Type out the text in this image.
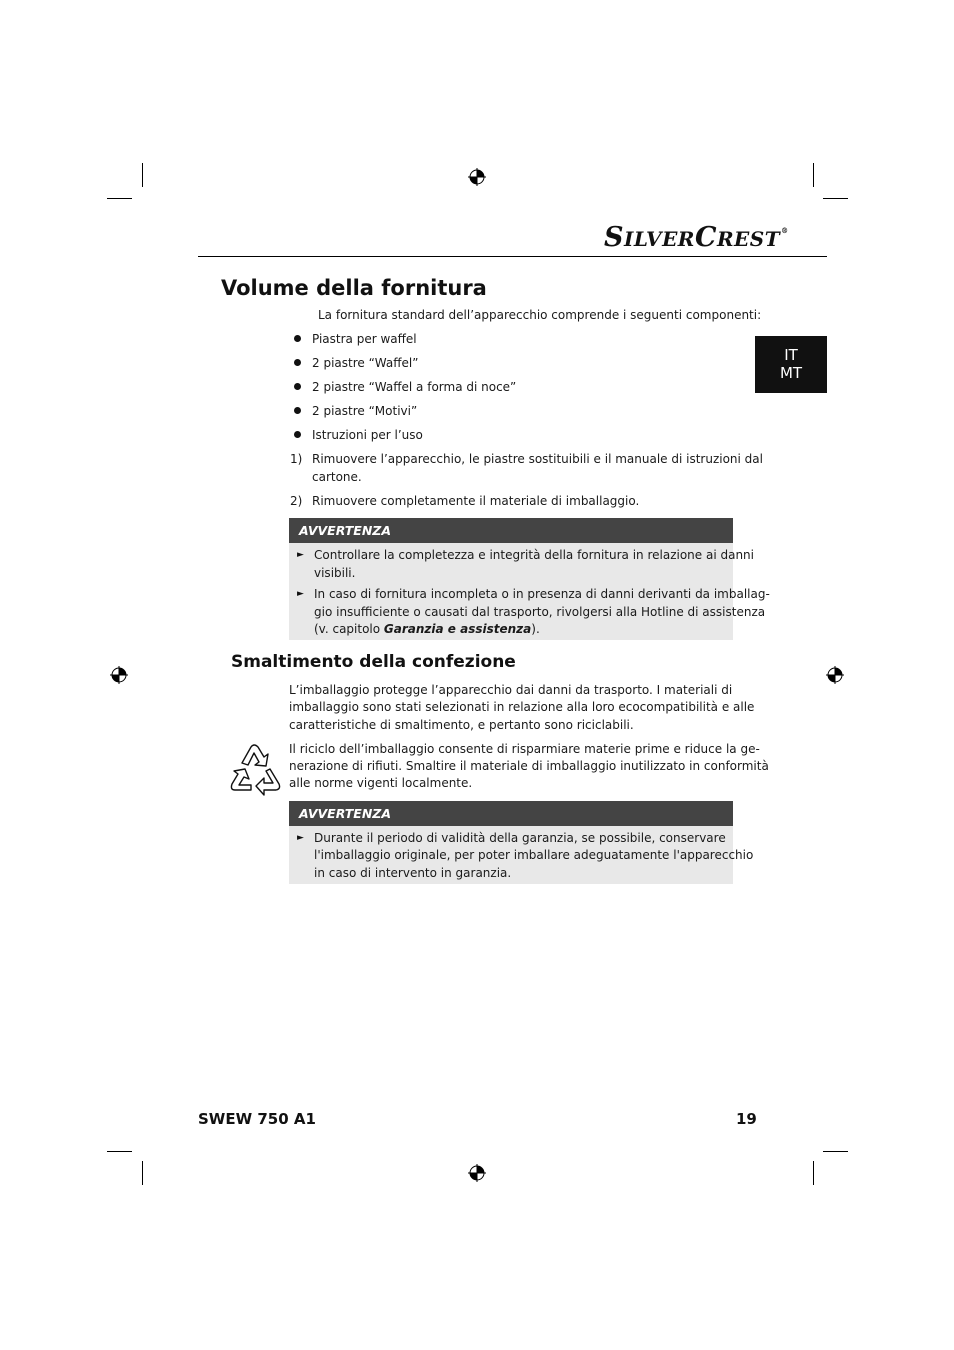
SILVERCREST®
IT
MT
Volume della fornitura
La fornitura standard dell’apparecchio comprende i seguenti componenti:
Piastra per waffel
2 piastre “Waffel”
2 piastre “Waffel a forma di noce”
2 piastre “Motivi”
Istruzioni per l’uso
1) Rimuovere l’apparecchio, le piastre sostituibili e il manuale di istruzioni dal
cartone.
2) Rimuovere completamente il materiale di imballaggio.
AVVERTENZA
► Controllare la completezza e integrità della fornitura in relazione ai danni
visibili.
► In caso di fornitura incompleta o in presenza di danni derivanti da imballag-
gio insufficiente o causati dal trasporto, rivolgersi alla Hotline di assistenza
(v. capitolo Garanzia e assistenza).
Smaltimento della confezione
L’imballaggio protegge l’apparecchio dai danni da trasporto. I materiali di
imballaggio sono stati selezionati in relazione alla loro ecocompatibilità e alle
caratteristiche di smaltimento, e pertanto sono riciclabili.
Il riciclo dell’imballaggio consente di risparmiare materie prime e riduce la ge-
nerazione di rifiuti. Smaltire il materiale di imballaggio inutilizzato in conformità
alle norme vigenti localmente.
AVVERTENZA
► Durante il periodo di validità della garanzia, se possibile, conservare
l'imballaggio originale, per poter imballare adeguatamente l'apparecchio
in caso di intervento in garanzia.
SWEW 750 A1	19
